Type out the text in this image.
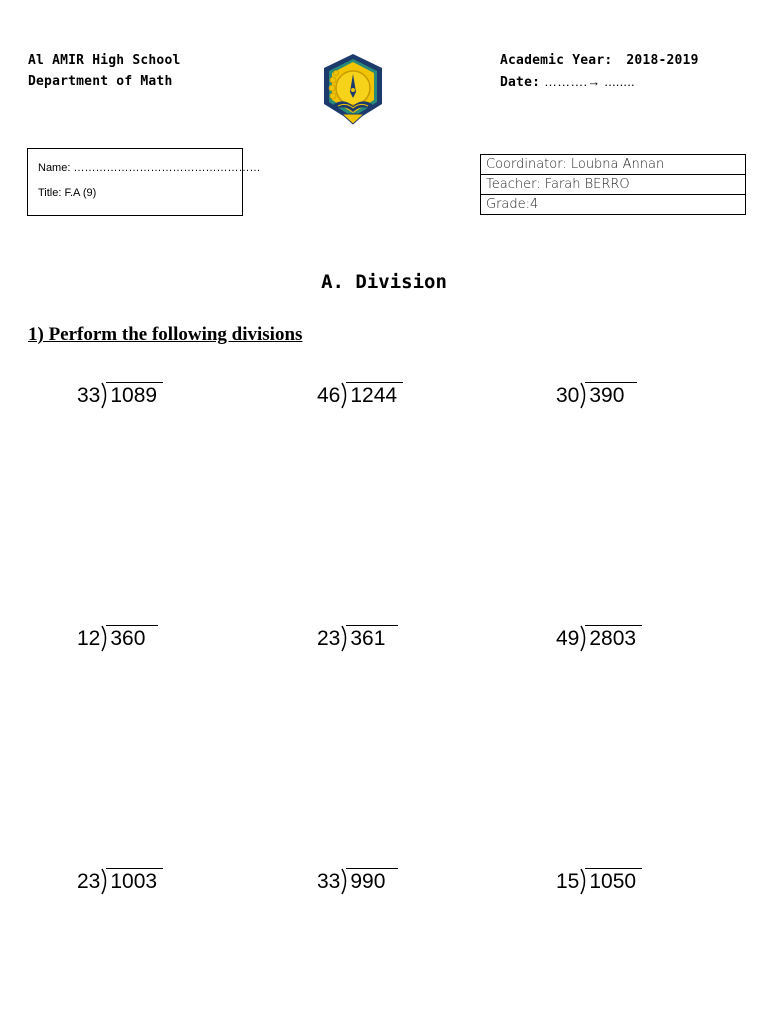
Al AMIR High School
Department of Math
Academic Year: 2018-2019
Date: ……….→ ........
Name: ……………………………………………
Title: F.A (9)
Coordinator: Loubna Annan
Teacher: Farah BERRO
Grade:4
A. Division
1) Perform the following divisions
33 1089	46 1244	30 390
12 360	23 361	49 2803
23 1003	33 990	15 1050
